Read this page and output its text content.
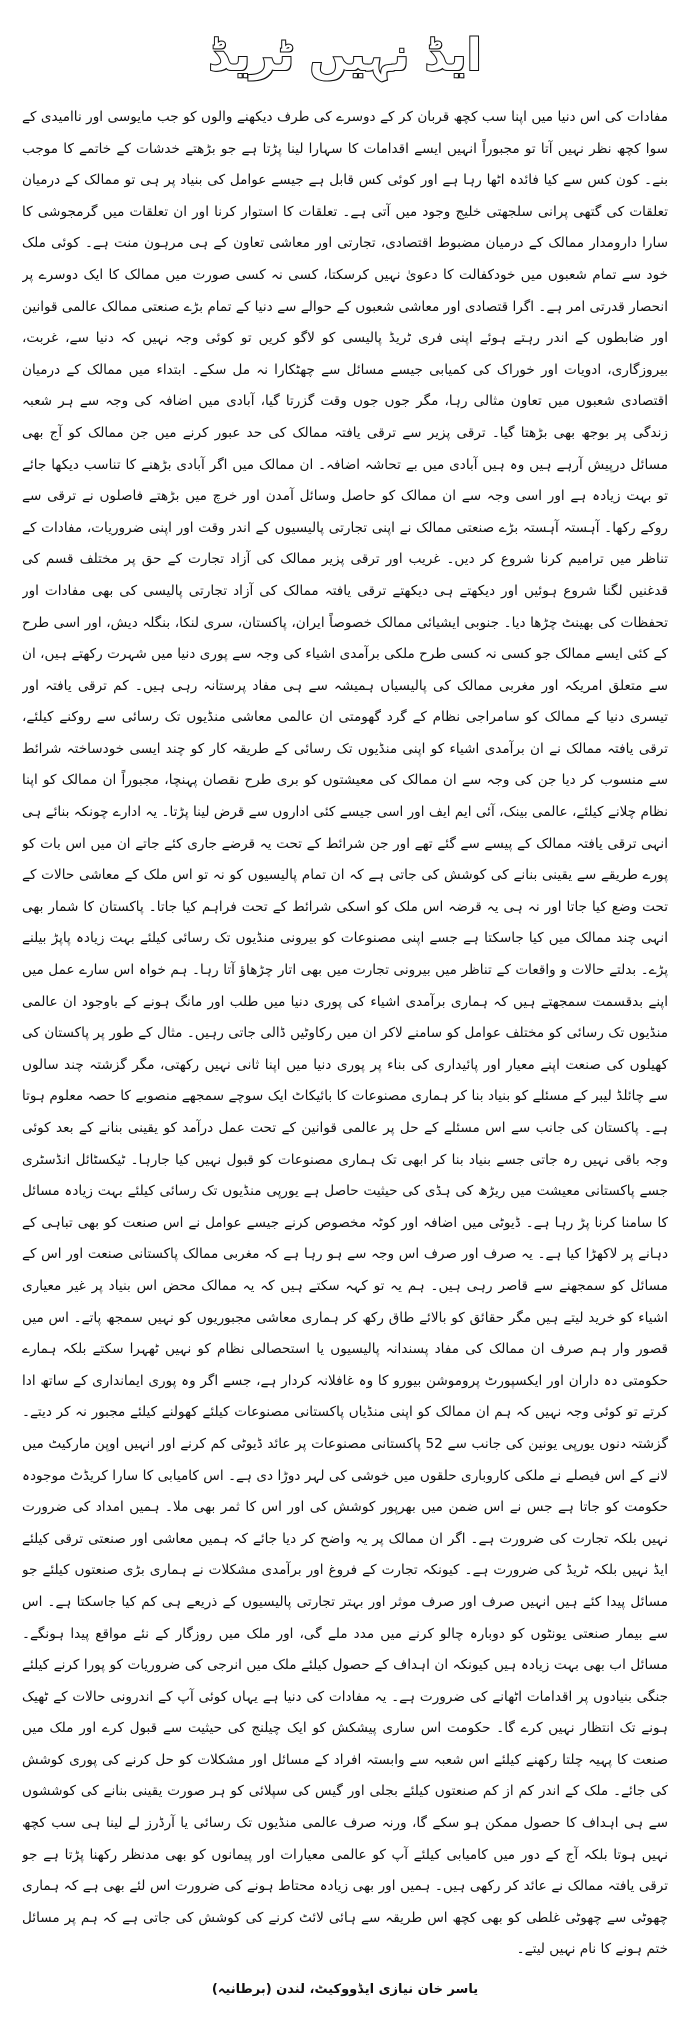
ایڈ نہیں ٹریڈ

مفادات کی اس دنیا میں اپنا سب کچھ قربان کر کے دوسرے کی طرف دیکھنے والوں کو جب مایوسی اور ناامیدی کے سوا کچھ نظر نہیں آتا تو مجبوراً انہیں ایسے اقدامات کا سہارا لینا پڑتا ہے جو بڑھتے خدشات کے خاتمے کا موجب بنے۔ کون کس سے کیا فائدہ اٹھا رہا ہے اور کوئی کس قابل ہے جیسے عوامل کی بنیاد پر ہی تو ممالک کے درمیان تعلقات کی گتھی پرانی سلجھتی خلیج وجود میں آتی ہے۔ تعلقات کا استوار کرنا اور ان تعلقات میں گرمجوشی کا سارا دارومدار ممالک کے درمیان مضبوط اقتصادی، تجارتی اور معاشی تعاون کے ہی مرہون منت ہے۔ کوئی ملک خود سے تمام شعبوں میں خودکفالت کا دعویٰ نہیں کرسکتا، کسی نہ کسی صورت میں ممالک کا ایک دوسرے پر انحصار قدرتی امر ہے۔ اگرا قتصادی اور معاشی شعبوں کے حوالے سے دنیا کے تمام بڑے صنعتی ممالک عالمی قوانین اور ضابطوں کے اندر رہتے ہوئے اپنی فری ٹریڈ پالیسی کو لاگو کریں تو کوئی وجہ نہیں کہ دنیا سے، غربت، بیروزگاری، ادویات اور خوراک کی کمیابی جیسے مسائل سے چھٹکارا نہ مل سکے۔ ابتداء میں ممالک کے درمیان اقتصادی شعبوں میں تعاون مثالی رہا، مگر جوں جوں وقت گزرتا گیا، آبادی میں اضافہ کی وجہ سے ہر شعبہ زندگی پر بوجھ بھی بڑھتا گیا۔ ترقی پزیر سے ترقی یافتہ ممالک کی حد عبور کرنے میں جن ممالک کو آج بھی مسائل درپیش آرہے ہیں وہ ہیں آبادی میں بے تحاشہ اضافہ۔ ان ممالک میں اگر آبادی بڑھنے کا تناسب دیکھا جائے تو بہت زیادہ ہے اور اسی وجہ سے ان ممالک کو حاصل وسائل آمدن اور خرچ میں بڑھتے فاصلوں نے ترقی سے روکے رکھا۔ آہستہ آہستہ بڑے صنعتی ممالک نے اپنی تجارتی پالیسیوں کے اندر وقت اور اپنی ضروریات، مفادات کے تناظر میں ترامیم کرنا شروع کر دیں۔ غریب اور ترقی پزیر ممالک کی آزاد تجارت کے حق پر مختلف قسم کی قدغنیں لگنا شروع ہوئیں اور دیکھتے ہی دیکھتے ترقی یافتہ ممالک کی آزاد تجارتی پالیسی کی بھی مفادات اور تحفظات کی بھینٹ چڑھا دیا۔ جنوبی ایشیائی ممالک خصوصاً ایران، پاکستان، سری لنکا، بنگلہ دیش، اور اسی طرح کے کئی ایسے ممالک جو کسی نہ کسی طرح ملکی برآمدی اشیاء کی وجہ سے پوری دنیا میں شہرت رکھتے ہیں، ان سے متعلق امریکہ اور مغربی ممالک کی پالیسیاں ہمیشہ سے ہی مفاد پرستانہ رہی ہیں۔ کم ترقی یافتہ اور تیسری دنیا کے ممالک کو سامراجی نظام کے گرد گھومتی ان عالمی معاشی منڈیوں تک رسائی سے روکنے کیلئے، ترقی یافتہ ممالک نے ان برآمدی اشیاء کو اپنی منڈیوں تک رسائی کے طریقہ کار کو چند ایسی خودساختہ شرائط سے منسوب کر دیا جن کی وجہ سے ان ممالک کی معیشتوں کو بری طرح نقصان پہنچا، مجبوراً ان ممالک کو اپنا نظام چلانے کیلئے، عالمی بینک، آئی ایم ایف اور اسی جیسے کئی اداروں سے قرض لینا پڑتا۔ یہ ادارے چونکہ بنائے ہی انہی ترقی یافتہ ممالک کے پیسے سے گئے تھے اور جن شرائط کے تحت یہ قرضے جاری کئے جاتے ان میں اس بات کو پورے طریقے سے یقینی بنانے کی کوشش کی جاتی ہے کہ ان تمام پالیسیوں کو نہ تو اس ملک کے معاشی حالات کے تحت وضع کیا جاتا اور نہ ہی یہ قرضہ اس ملک کو اسکی شرائط کے تحت فراہم کیا جاتا۔ پاکستان کا شمار بھی انہی چند ممالک میں کیا جاسکتا ہے جسے اپنی مصنوعات کو بیرونی منڈیوں تک رسائی کیلئے بہت زیادہ پاپڑ بیلنے پڑے۔ بدلتے حالات و واقعات کے تناظر میں بیرونی تجارت میں بھی اتار چڑھاؤ آتا رہا۔ ہم خواہ اس سارے عمل میں اپنے بدقسمت سمجھتے ہیں کہ ہماری برآمدی اشیاء کی پوری دنیا میں طلب اور مانگ ہونے کے باوجود ان عالمی منڈیوں تک رسائی کو مختلف عوامل کو سامنے لاکر ان میں رکاوٹیں ڈالی جاتی رہیں۔ مثال کے طور پر پاکستان کی کھیلوں کی صنعت اپنے معیار اور پائیداری کی بناء پر پوری دنیا میں اپنا ثانی نہیں رکھتی، مگر گزشتہ چند سالوں سے چائلڈ لیبر کے مسئلے کو بنیاد بنا کر ہماری مصنوعات کا بائیکاٹ ایک سوچے سمجھے منصوبے کا حصہ معلوم ہوتا ہے۔ پاکستان کی جانب سے اس مسئلے کے حل پر عالمی قوانین کے تحت عمل درآمد کو یقینی بنانے کے بعد کوئی وجہ باقی نہیں رہ جاتی جسے بنیاد بنا کر ابھی تک ہماری مصنوعات کو قبول نہیں کیا جارہا۔ ٹیکسٹائل انڈسٹری جسے پاکستانی معیشت میں ریڑھ کی ہڈی کی حیثیت حاصل ہے یورپی منڈیوں تک رسائی کیلئے بہت زیادہ مسائل کا سامنا کرنا پڑ رہا ہے۔ ڈیوٹی میں اضافہ اور کوٹہ مخصوص کرنے جیسے عوامل نے اس صنعت کو بھی تباہی کے دہانے پر لاکھڑا کیا ہے۔ یہ صرف اور صرف اس وجہ سے ہو رہا ہے کہ مغربی ممالک پاکستانی صنعت اور اس کے مسائل کو سمجھنے سے قاصر رہی ہیں۔ ہم یہ تو کہہ سکتے ہیں کہ یہ ممالک محض اس بنیاد پر غیر معیاری اشیاء کو خرید لیتے ہیں مگر حقائق کو بالائے طاق رکھ کر ہماری معاشی مجبوریوں کو نہیں سمجھ پاتے۔ اس میں قصور وار ہم صرف ان ممالک کی مفاد پسندانہ پالیسیوں یا استحصالی نظام کو نہیں ٹھہرا سکتے بلکہ ہمارے حکومتی دہ داران اور ایکسپورٹ پروموشن بیورو کا وہ غافلانہ کردار ہے، جسے اگر وہ پوری ایمانداری کے ساتھ ادا کرتے تو کوئی وجہ نہیں کہ ہم ان ممالک کو اپنی منڈیاں پاکستانی مصنوعات کیلئے کھولنے کیلئے مجبور نہ کر دیتے۔ گزشتہ دنوں یورپی یونین کی جانب سے 52 پاکستانی مصنوعات پر عائد ڈیوٹی کم کرنے اور انہیں اوپن مارکیٹ میں لانے کے اس فیصلے نے ملکی کاروباری حلقوں میں خوشی کی لہر دوڑا دی ہے۔ اس کامیابی کا سارا کریڈٹ موجودہ حکومت کو جاتا ہے جس نے اس ضمن میں بھرپور کوشش کی اور اس کا ثمر بھی ملا۔ ہمیں امداد کی ضرورت نہیں بلکہ تجارت کی ضرورت ہے۔ اگر ان ممالک پر یہ واضح کر دیا جائے کہ ہمیں معاشی اور صنعتی ترقی کیلئے ایڈ نہیں بلکہ ٹریڈ کی ضرورت ہے۔ کیونکہ تجارت کے فروغ اور برآمدی مشکلات نے ہماری بڑی صنعتوں کیلئے جو مسائل پیدا کئے ہیں انہیں صرف اور صرف موثر اور بہتر تجارتی پالیسیوں کے ذریعے ہی کم کیا جاسکتا ہے۔ اس سے بیمار صنعتی یونٹوں کو دوبارہ چالو کرنے میں مدد ملے گی، اور ملک میں روزگار کے نئے مواقع پیدا ہونگے۔ مسائل اب بھی بہت زیادہ ہیں کیونکہ ان اہداف کے حصول کیلئے ملک میں انرجی کی ضروریات کو پورا کرنے کیلئے جنگی بنیادوں پر اقدامات اٹھانے کی ضرورت ہے۔ یہ مفادات کی دنیا ہے یہاں کوئی آپ کے اندرونی حالات کے ٹھیک ہونے تک انتظار نہیں کرے گا۔ حکومت اس ساری پیشکش کو ایک چیلنج کی حیثیت سے قبول کرے اور ملک میں صنعت کا پہیہ چلتا رکھنے کیلئے اس شعبہ سے وابستہ افراد کے مسائل اور مشکلات کو حل کرنے کی پوری کوشش کی جائے۔ ملک کے اندر کم از کم صنعتوں کیلئے بجلی اور گیس کی سپلائی کو ہر صورت یقینی بنانے کی کوششوں سے ہی اہداف کا حصول ممکن ہو سکے گا، ورنہ صرف عالمی منڈیوں تک رسائی یا آرڈرز لے لینا ہی سب کچھ نہیں ہوتا بلکہ آج کے دور میں کامیابی کیلئے آپ کو عالمی معیارات اور پیمانوں کو بھی مدنظر رکھنا پڑتا ہے جو ترقی یافتہ ممالک نے عائد کر رکھی ہیں۔ ہمیں اور بھی زیادہ محتاط ہونے کی ضرورت اس لئے بھی ہے کہ ہماری چھوٹی سے چھوٹی غلطی کو بھی کچھ اس طریقہ سے ہائی لائٹ کرنے کی کوشش کی جاتی ہے کہ ہم پر مسائل ختم ہونے کا نام نہیں لیتے۔

یاسر خان نیازی ایڈووکیٹ، لندن (برطانیہ)
